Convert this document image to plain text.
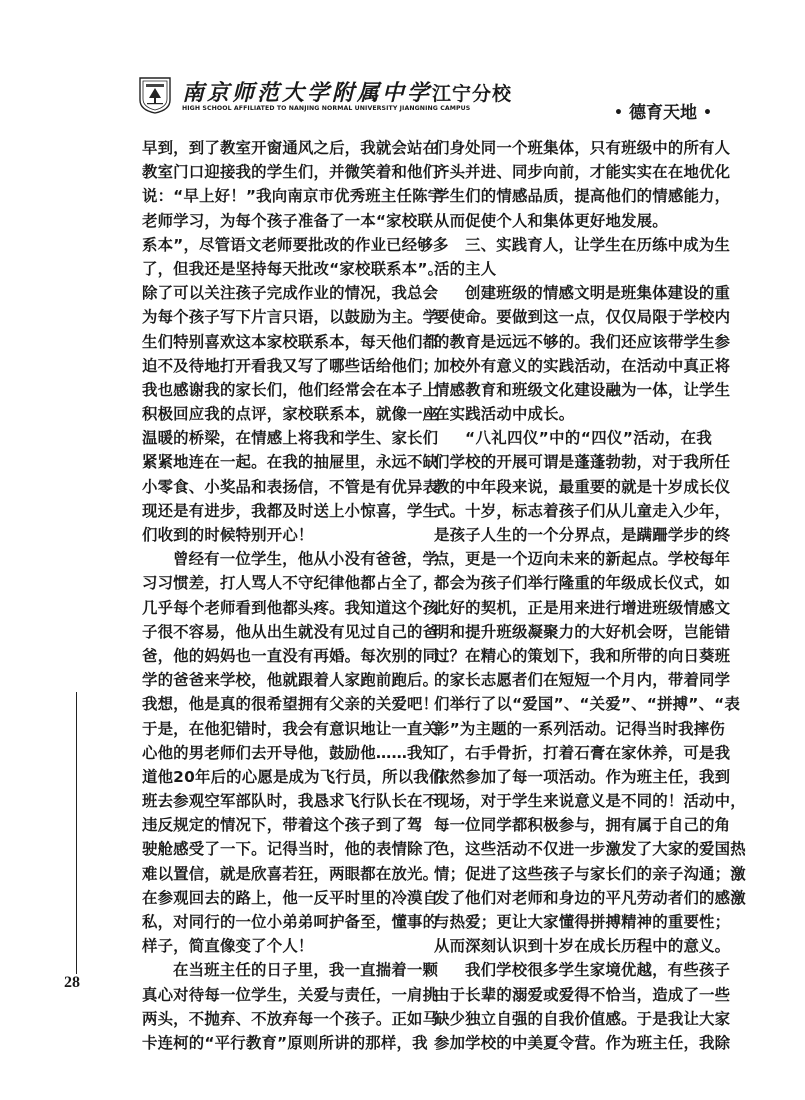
南京师范大学附属中学江宁分校
HIGH SCHOOL AFFILIATED TO NANJING NORMAL UNIVERSITY JIANGNING CAMPUS	• 德育天地 •
早到，到了教室开窗通风之后，我就会站在
教室门口迎接我的学生们，并微笑着和他们
说：“早上好！”我向南京市优秀班主任陈宇
老师学习，为每个孩子准备了一本“家校联
系本”，尽管语文老师要批改的作业已经够多
了，但我还是坚持每天批改“家校联系本”。
除了可以关注孩子完成作业的情况，我总会
为每个孩子写下片言只语，以鼓励为主。学
生们特别喜欢这本家校联系本，每天他们都
迫不及待地打开看我又写了哪些话给他们；
我也感谢我的家长们，他们经常会在本子上
积极回应我的点评，家校联系本，就像一座
温暖的桥梁，在情感上将我和学生、家长们
紧紧地连在一起。在我的抽屉里，永远不缺
小零食、小奖品和表扬信，不管是有优异表
现还是有进步，我都及时送上小惊喜，学生
们收到的时候特别开心！
曾经有一位学生，他从小没有爸爸，学
习习惯差，打人骂人不守纪律他都占全了，
几乎每个老师看到他都头疼。我知道这个孩
子很不容易，他从出生就没有见过自己的爸
爸，他的妈妈也一直没有再婚。每次别的同
学的爸爸来学校，他就跟着人家跑前跑后。
我想，他是真的很希望拥有父亲的关爱吧！
于是，在他犯错时，我会有意识地让一直关
心他的男老师们去开导他，鼓励他……我知
道他20年后的心愿是成为飞行员，所以我们
班去参观空军部队时，我恳求飞行队长在不
违反规定的情况下，带着这个孩子到了驾
驶舱感受了一下。记得当时，他的表情除了
难以置信，就是欣喜若狂，两眼都在放光。
在参观回去的路上，他一反平时里的冷漠自
私，对同行的一位小弟弟呵护备至，懂事的
样子，简直像变了个人！
在当班主任的日子里，我一直揣着一颗
真心对待每一位学生，关爱与责任，一肩挑
两头，不抛弃、不放弃每一个孩子。正如马
卡连柯的“平行教育”原则所讲的那样，我
们身处同一个班集体，只有班级中的所有人
齐头并进、同步向前，才能实实在在地优化
学生们的情感品质，提高他们的情感能力，
从而促使个人和集体更好地发展。
三、实践育人，让学生在历练中成为生
活的主人
创建班级的情感文明是班集体建设的重
要使命。要做到这一点，仅仅局限于学校内
的教育是远远不够的。我们还应该带学生参
加校外有意义的实践活动，在活动中真正将
情感教育和班级文化建设融为一体，让学生
在实践活动中成长。
“八礼四仪”中的“四仪”活动，在我
们学校的开展可谓是蓬蓬勃勃，对于我所任
教的中年段来说，最重要的就是十岁成长仪
式。十岁，标志着孩子们从儿童走入少年，
是孩子人生的一个分界点，是蹒跚学步的终
点，更是一个迈向未来的新起点。学校每年
都会为孩子们举行隆重的年级成长仪式，如
此好的契机，正是用来进行增进班级情感文
明和提升班级凝聚力的大好机会呀，岂能错
过？在精心的策划下，我和所带的向日葵班
的家长志愿者们在短短一个月内，带着同学
们举行了以“爱国”、“关爱”、“拼搏”、“表
彰”为主题的一系列活动。记得当时我摔伤
了，右手骨折，打着石膏在家休养，可是我
依然参加了每一项活动。作为班主任，我到
现场，对于学生来说意义是不同的！活动中，
每一位同学都积极参与，拥有属于自己的角
色，这些活动不仅进一步激发了大家的爱国热
情；促进了这些孩子与家长们的亲子沟通；激
发了他们对老师和身边的平凡劳动者们的感激
与热爱；更让大家懂得拼搏精神的重要性；
从而深刻认识到十岁在成长历程中的意义。
我们学校很多学生家境优越，有些孩子
由于长辈的溺爱或爱得不恰当，造成了一些
缺少独立自强的自我价值感。于是我让大家
参加学校的中美夏令营。作为班主任，我除
28
